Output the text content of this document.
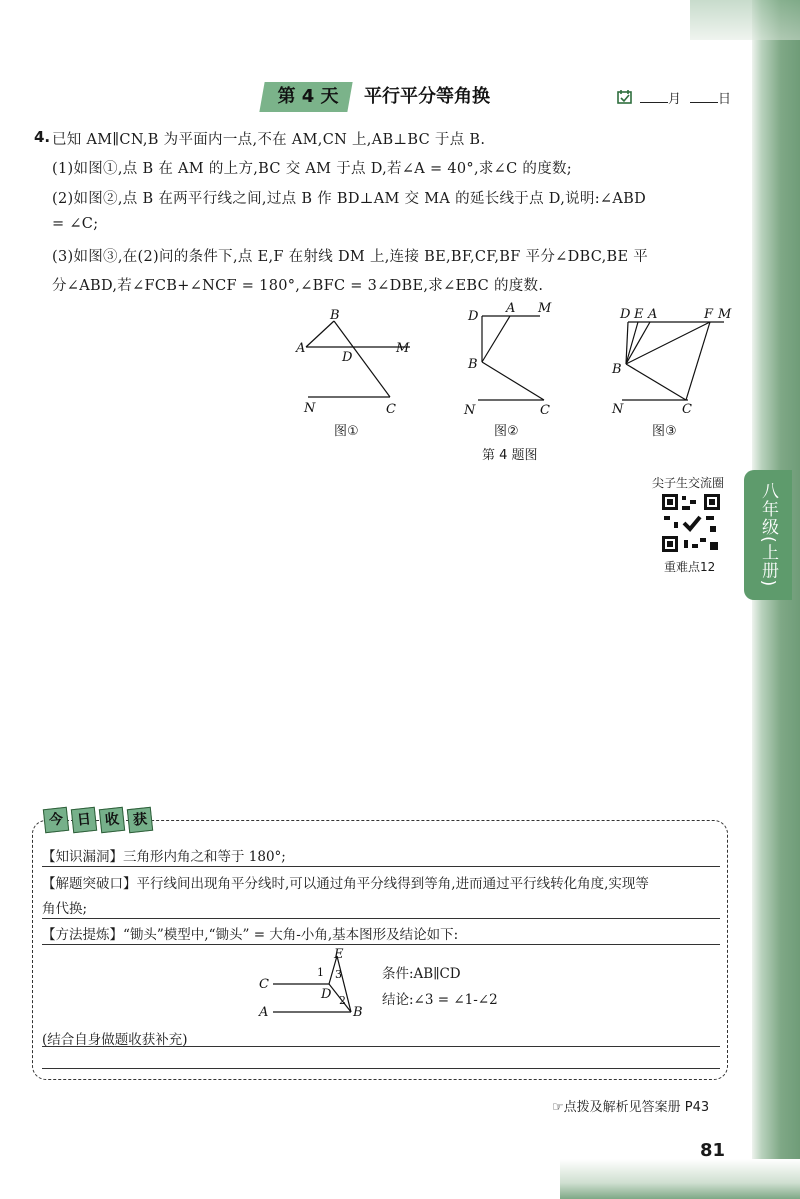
第 4 天	平行平分等角换	月	日
4. 已知 AM∥CN,B 为平面内一点,不在 AM,CN 上,AB⊥BC 于点 B.
(1)如图①,点 B 在 AM 的上方,BC 交 AM 于点 D,若∠A = 40°,求∠C 的度数;
(2)如图②,点 B 在两平行线之间,过点 B 作 BD⊥AM 交 MA 的延长线于点 D,说明:∠ABD
= ∠C;
(3)如图③,在(2)问的条件下,点 E,F 在射线 DM 上,连接 BE,BF,CF,BF 平分∠DBC,BE 平
分∠ABD,若∠FCB+∠NCF = 180°,∠BFC = 3∠DBE,求∠EBC 的度数.
B
A
D
M
N	C
图①
D
A M
B
N	C
图②
D E A	F M
B
N	C
图③
第 4 题图
尖子生交流圈
重难点12	八年级(上册)
今 日 收 获
【知识漏洞】三角形内角之和等于 180°;
【解题突破口】平行线间出现角平分线时,可以通过角平分线得到等角,进而通过平行线转化角度,实现等
角代换;
【方法提炼】“锄头”模型中,“锄头” = 大角-小角,基本图形及结论如下:
E
C
1 3
D 2
A	B
条件:AB∥CD
结论:∠3 = ∠1-∠2
(结合自身做题收获补充)
☞点拨及解析见答案册 P43
81
